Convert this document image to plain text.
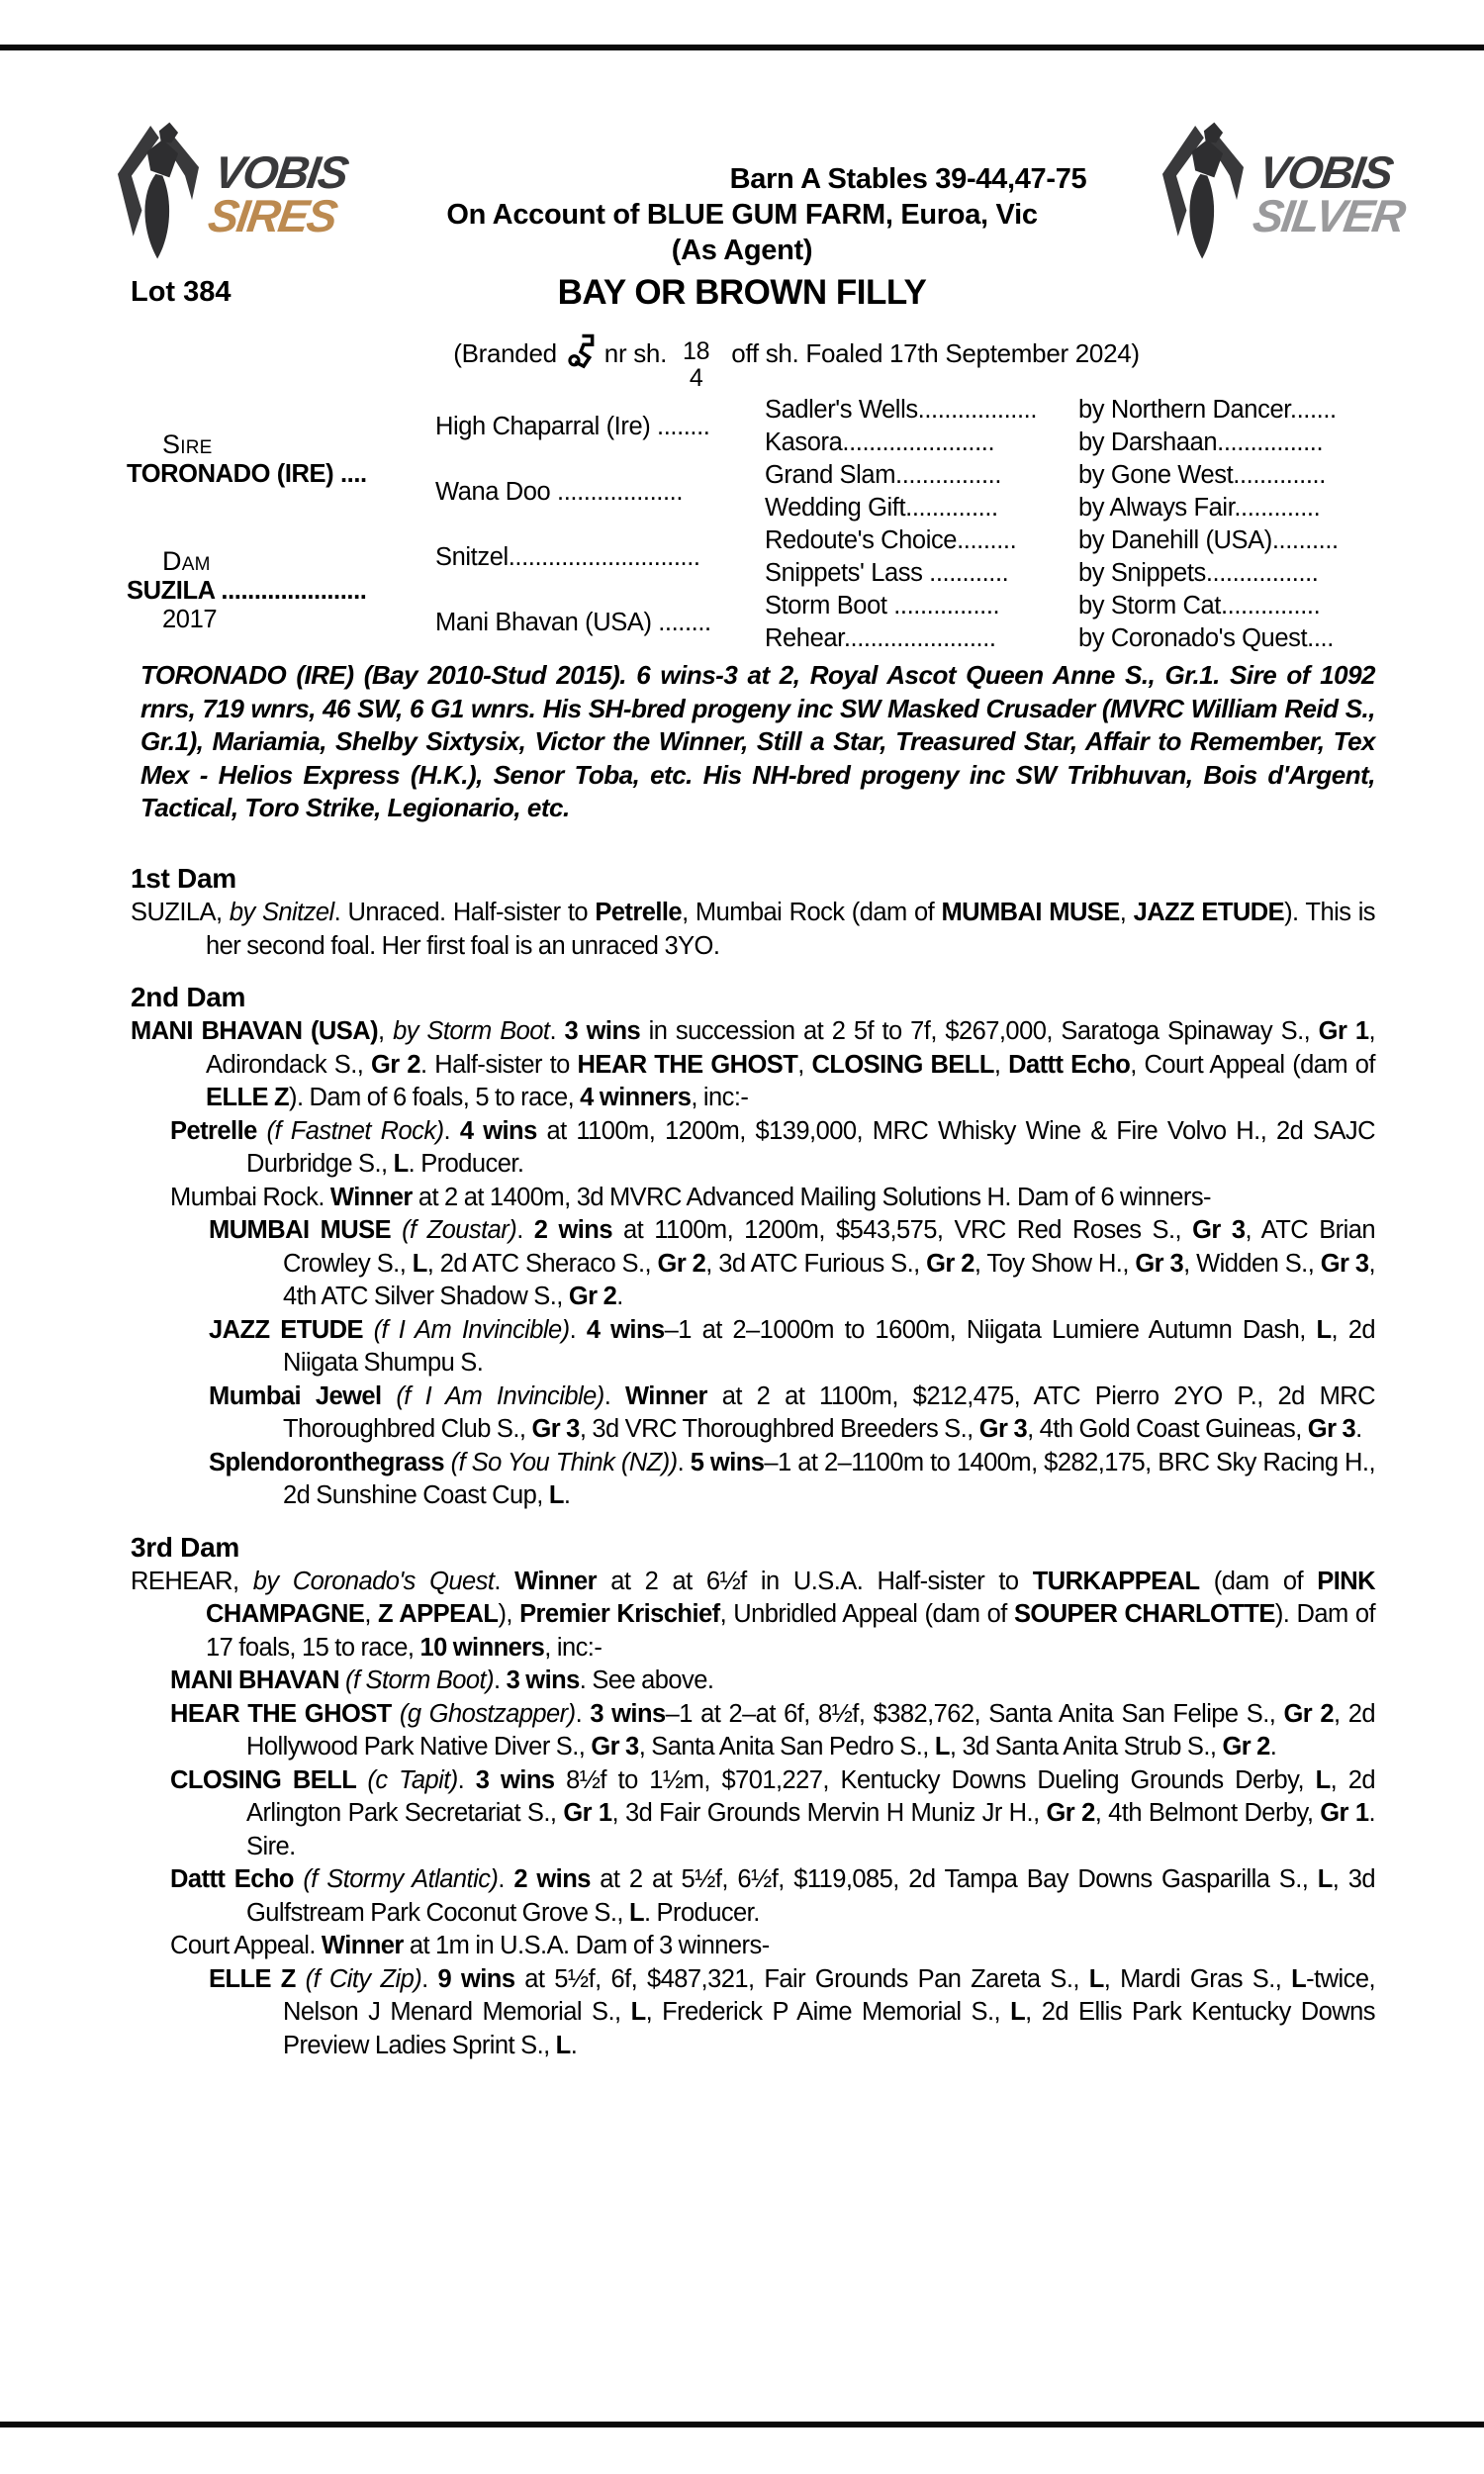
VOBIS
SIRES
VOBIS
SILVER
Barn A Stables 39-44,47-75
On Account of BLUE GUM FARM, Euroa, Vic
(As Agent)
Lot 384	BAY OR BROWN FILLY
(Branded nr sh. 18
4
off sh. Foaled 17th September 2024)
Sire
TORONADO (IRE) ....
Dam
SUZILA ......................
2017
High Chaparral (Ire) ........
Wana Doo ...................
Snitzel.............................
Mani Bhavan (USA) ........
Sadler's Wells..................	by Northern Dancer.......
Kasora.......................	by Darshaan................
Grand Slam................	by Gone West..............
Wedding Gift..............	by Always Fair.............
Redoute's Choice.........	by Danehill (USA)..........
Snippets' Lass ............	by Snippets.................
Storm Boot ................	by Storm Cat...............
Rehear.......................	by Coronado's Quest....
TORONADO (IRE) (Bay 2010-Stud 2015). 6 wins-3 at 2, Royal Ascot Queen Anne S., Gr.1. Sire of 1092 rnrs, 719 wnrs, 46 SW, 6 G1 wnrs. His SH-bred progeny inc SW Masked Crusader (MVRC William Reid S., Gr.1), Mariamia, Shelby Sixtysix, Victor the Winner, Still a Star, Treasured Star, Affair to Remember, Tex Mex - Helios Express (H.K.), Senor Toba, etc. His NH-bred progeny inc SW Tribhuvan, Bois d'Argent, Tactical, Toro Strike, Legionario, etc.
1st Dam
SUZILA, by Snitzel. Unraced. Half-sister to Petrelle, Mumbai Rock (dam of MUMBAI MUSE, JAZZ ETUDE). This is her second foal. Her first foal is an unraced 3YO.
2nd Dam
MANI BHAVAN (USA), by Storm Boot. 3 wins in succession at 2 5f to 7f, $267,000, Saratoga Spinaway S., Gr 1, Adirondack S., Gr 2. Half-sister to HEAR THE GHOST, CLOSING BELL, Dattt Echo, Court Appeal (dam of ELLE Z). Dam of 6 foals, 5 to race, 4 winners, inc:-
Petrelle (f Fastnet Rock). 4 wins at 1100m, 1200m, $139,000, MRC Whisky Wine & Fire Volvo H., 2d SAJC Durbridge S., L. Producer.
Mumbai Rock. Winner at 2 at 1400m, 3d MVRC Advanced Mailing Solutions H. Dam of 6 winners-
MUMBAI MUSE (f Zoustar). 2 wins at 1100m, 1200m, $543,575, VRC Red Roses S., Gr 3, ATC Brian Crowley S., L, 2d ATC Sheraco S., Gr 2, 3d ATC Furious S., Gr 2, Toy Show H., Gr 3, Widden S., Gr 3, 4th ATC Silver Shadow S., Gr 2.
JAZZ ETUDE (f I Am Invincible). 4 wins–1 at 2–1000m to 1600m, Niigata Lumiere Autumn Dash, L, 2d Niigata Shumpu S.
Mumbai Jewel (f I Am Invincible). Winner at 2 at 1100m, $212,475, ATC Pierro 2YO P., 2d MRC Thoroughbred Club S., Gr 3, 3d VRC Thoroughbred Breeders S., Gr 3, 4th Gold Coast Guineas, Gr 3.
Splendoronthegrass (f So You Think (NZ)). 5 wins–1 at 2–1100m to 1400m, $282,175, BRC Sky Racing H., 2d Sunshine Coast Cup, L.
3rd Dam
REHEAR, by Coronado's Quest. Winner at 2 at 6½f in U.S.A. Half-sister to TURKAPPEAL (dam of PINK CHAMPAGNE, Z APPEAL), Premier Krischief, Unbridled Appeal (dam of SOUPER CHARLOTTE). Dam of 17 foals, 15 to race, 10 winners, inc:-
MANI BHAVAN (f Storm Boot). 3 wins. See above.
HEAR THE GHOST (g Ghostzapper). 3 wins–1 at 2–at 6f, 8½f, $382,762, Santa Anita San Felipe S., Gr 2, 2d Hollywood Park Native Diver S., Gr 3, Santa Anita San Pedro S., L, 3d Santa Anita Strub S., Gr 2.
CLOSING BELL (c Tapit). 3 wins 8½f to 1½m, $701,227, Kentucky Downs Dueling Grounds Derby, L, 2d Arlington Park Secretariat S., Gr 1, 3d Fair Grounds Mervin H Muniz Jr H., Gr 2, 4th Belmont Derby, Gr 1. Sire.
Dattt Echo (f Stormy Atlantic). 2 wins at 2 at 5½f, 6½f, $119,085, 2d Tampa Bay Downs Gasparilla S., L, 3d Gulfstream Park Coconut Grove S., L. Producer.
Court Appeal. Winner at 1m in U.S.A. Dam of 3 winners-
ELLE Z (f City Zip). 9 wins at 5½f, 6f, $487,321, Fair Grounds Pan Zareta S., L, Mardi Gras S., L-twice, Nelson J Menard Memorial S., L, Frederick P Aime Memorial S., L, 2d Ellis Park Kentucky Downs Preview Ladies Sprint S., L.
